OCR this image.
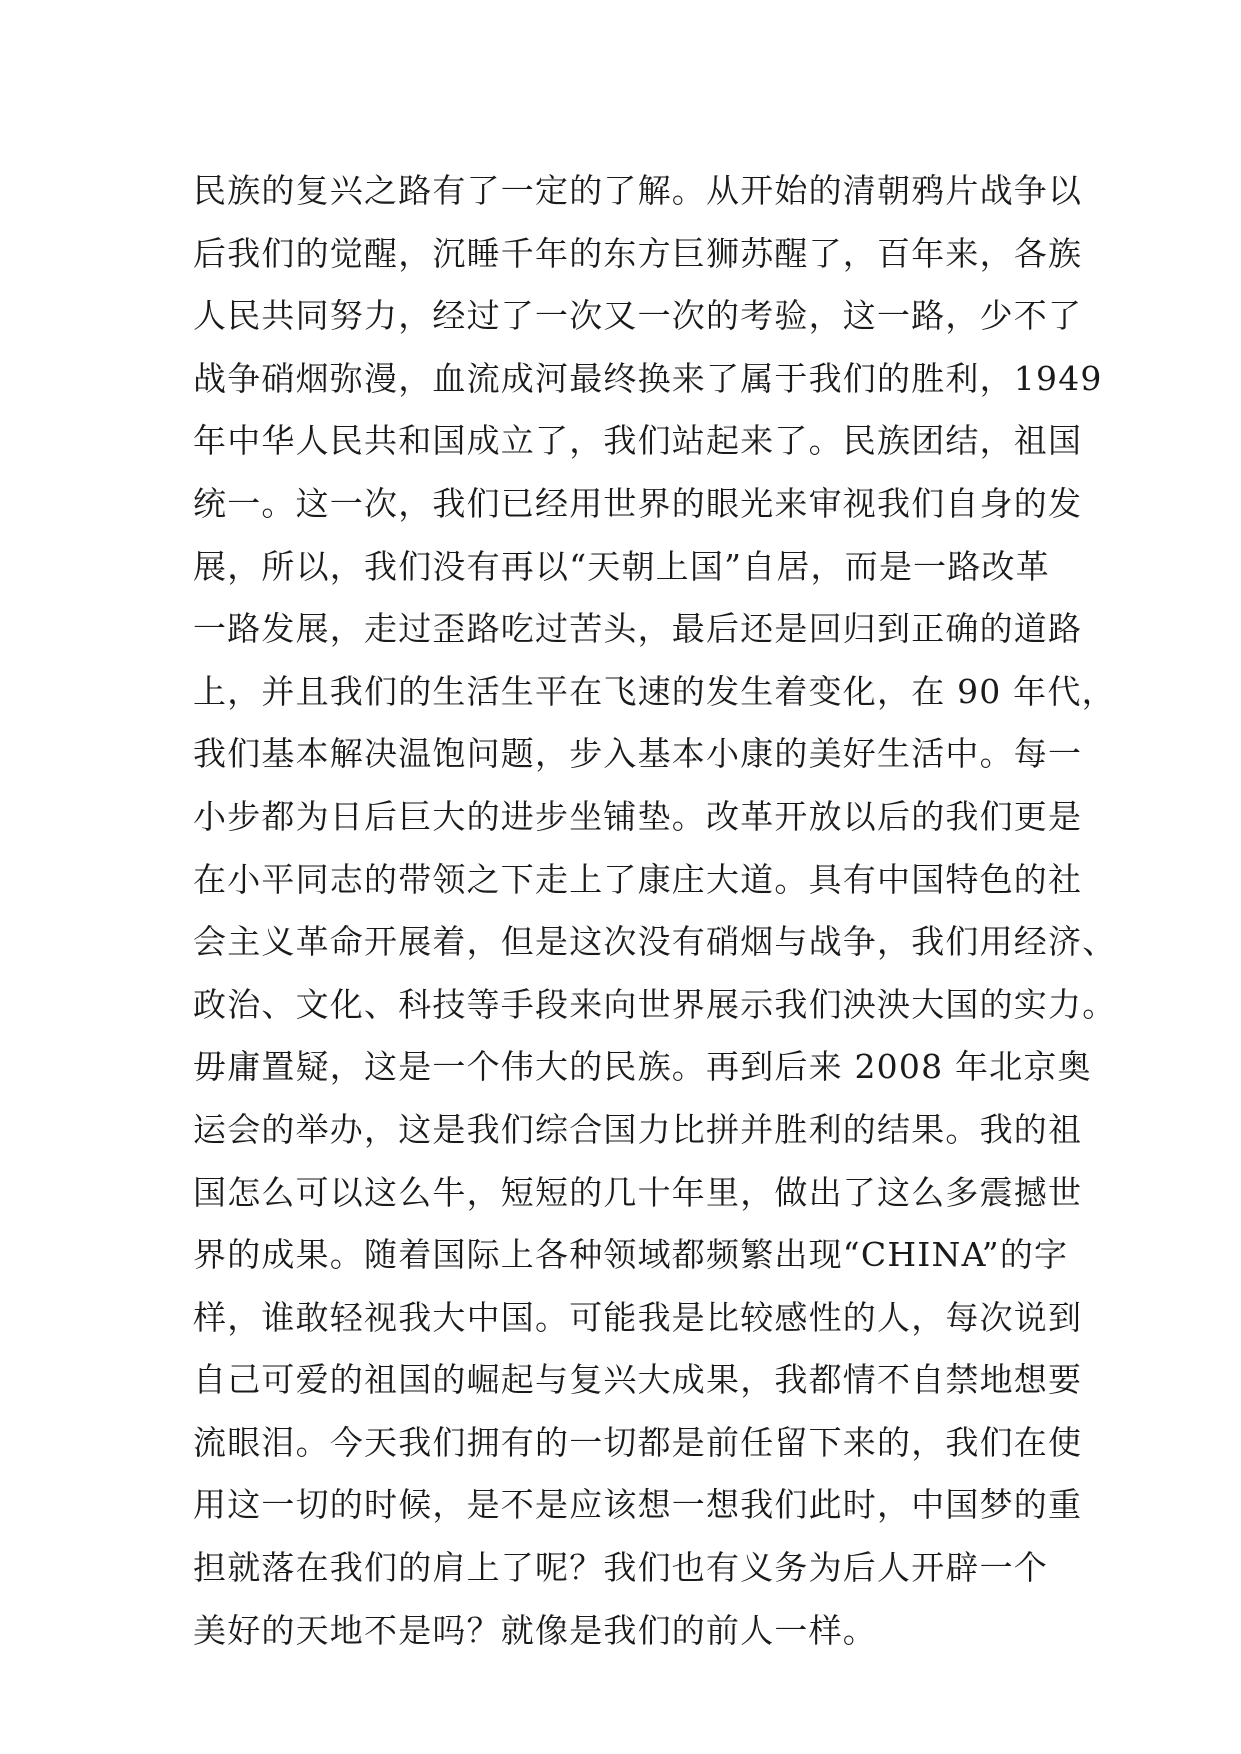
民族的复兴之路有了一定的了解。从开始的清朝鸦片战争以
后我们的觉醒，沉睡千年的东方巨狮苏醒了，百年来，各族
人民共同努力，经过了一次又一次的考验，这一路，少不了
战争硝烟弥漫，血流成河最终换来了属于我们的胜利，1949
年中华人民共和国成立了，我们站起来了。民族团结，祖国
统一。这一次，我们已经用世界的眼光来审视我们自身的发
展，所以，我们没有再以“天朝上国”自居，而是一路改革
一路发展，走过歪路吃过苦头，最后还是回归到正确的道路
上，并且我们的生活生平在飞速的发生着变化，在 90 年代，
我们基本解决温饱问题，步入基本小康的美好生活中。每一
小步都为日后巨大的进步坐铺垫。改革开放以后的我们更是
在小平同志的带领之下走上了康庄大道。具有中国特色的社
会主义革命开展着，但是这次没有硝烟与战争，我们用经济、
政治、文化、科技等手段来向世界展示我们泱泱大国的实力。
毋庸置疑，这是一个伟大的民族。再到后来 2008 年北京奥
运会的举办，这是我们综合国力比拼并胜利的结果。我的祖
国怎么可以这么牛，短短的几十年里，做出了这么多震撼世
界的成果。随着国际上各种领域都频繁出现“CHINA”的字
样，谁敢轻视我大中国。可能我是比较感性的人，每次说到
自己可爱的祖国的崛起与复兴大成果，我都情不自禁地想要
流眼泪。今天我们拥有的一切都是前任留下来的，我们在使
用这一切的时候，是不是应该想一想我们此时，中国梦的重
担就落在我们的肩上了呢？我们也有义务为后人开辟一个
美好的天地不是吗？就像是我们的前人一样。
